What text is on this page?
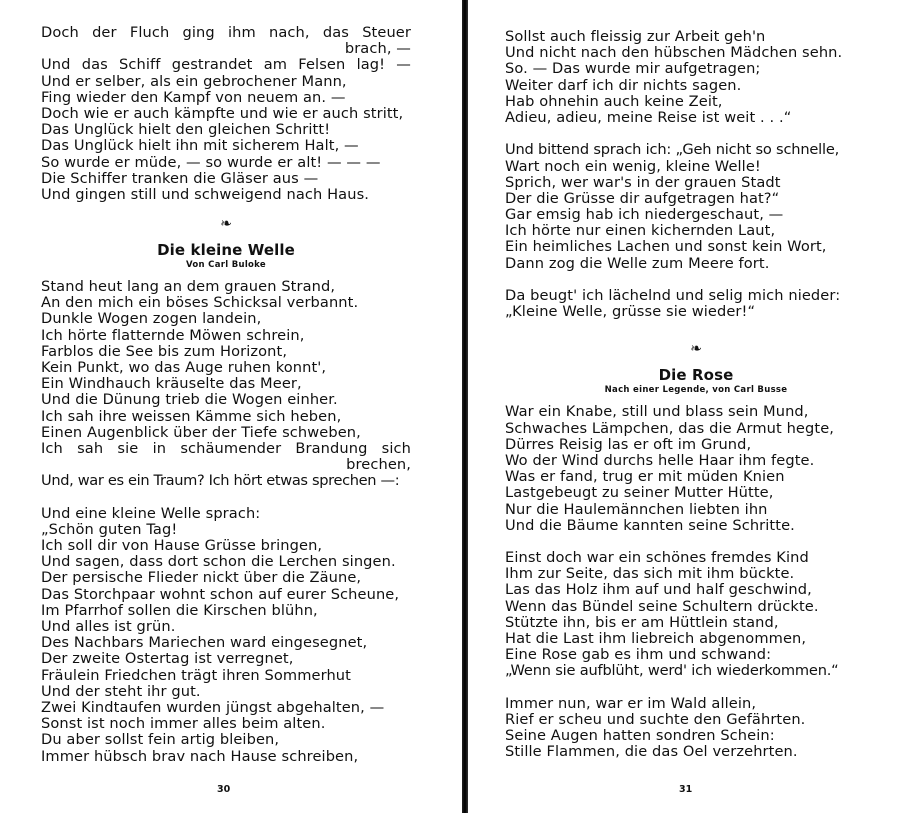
Doch der Fluch ging ihm nach, das Steuer
brach, —
Und das Schiff gestrandet am Felsen lag! —
Und er selber, als ein gebrochener Mann,
Fing wieder den Kampf von neuem an. —
Doch wie er auch kämpfte und wie er auch stritt,
Das Unglück hielt den gleichen Schritt!
Das Unglück hielt ihn mit sicherem Halt, —
So wurde er müde, — so wurde er alt! — — —
Die Schiffer tranken die Gläser aus —
Und gingen still und schweigend nach Haus.
❧
Die kleine Welle
Von Carl Buloke
Stand heut lang an dem grauen Strand,
An den mich ein böses Schicksal verbannt.
Dunkle Wogen zogen landein,
Ich hörte flatternde Möwen schrein,
Farblos die See bis zum Horizont,
Kein Punkt, wo das Auge ruhen konnt',
Ein Windhauch kräuselte das Meer,
Und die Dünung trieb die Wogen einher.
Ich sah ihre weissen Kämme sich heben,
Einen Augenblick über der Tiefe schweben,
Ich sah sie in schäumender Brandung sich
brechen,
Und, war es ein Traum? Ich hört etwas sprechen —:
Und eine kleine Welle sprach:
„Schön guten Tag!
Ich soll dir von Hause Grüsse bringen,
Und sagen, dass dort schon die Lerchen singen.
Der persische Flieder nickt über die Zäune,
Das Storchpaar wohnt schon auf eurer Scheune,
Im Pfarrhof sollen die Kirschen blühn,
Und alles ist grün.
Des Nachbars Mariechen ward eingesegnet,
Der zweite Ostertag ist verregnet,
Fräulein Friedchen trägt ihren Sommerhut
Und der steht ihr gut.
Zwei Kindtaufen wurden jüngst abgehalten, —
Sonst ist noch immer alles beim alten.
Du aber sollst fein artig bleiben,
Immer hübsch brav nach Hause schreiben,
30
Sollst auch fleissig zur Arbeit geh'n
Und nicht nach den hübschen Mädchen sehn.
So. — Das wurde mir aufgetragen;
Weiter darf ich dir nichts sagen.
Hab ohnehin auch keine Zeit,
Adieu, adieu, meine Reise ist weit . . .“
Und bittend sprach ich: „Geh nicht so schnelle,
Wart noch ein wenig, kleine Welle!
Sprich, wer war's in der grauen Stadt
Der die Grüsse dir aufgetragen hat?“
Gar emsig hab ich niedergeschaut, —
Ich hörte nur einen kichernden Laut,
Ein heimliches Lachen und sonst kein Wort,
Dann zog die Welle zum Meere fort.
Da beugt' ich lächelnd und selig mich nieder:
„Kleine Welle, grüsse sie wieder!“
❧
Die Rose
Nach einer Legende, von Carl Busse
War ein Knabe, still und blass sein Mund,
Schwaches Lämpchen, das die Armut hegte,
Dürres Reisig las er oft im Grund,
Wo der Wind durchs helle Haar ihm fegte.
Was er fand, trug er mit müden Knien
Lastgebeugt zu seiner Mutter Hütte,
Nur die Haulemännchen liebten ihn
Und die Bäume kannten seine Schritte.
Einst doch war ein schönes fremdes Kind
Ihm zur Seite, das sich mit ihm bückte.
Las das Holz ihm auf und half geschwind,
Wenn das Bündel seine Schultern drückte.
Stützte ihn, bis er am Hüttlein stand,
Hat die Last ihm liebreich abgenommen,
Eine Rose gab es ihm und schwand:
„Wenn sie aufblüht, werd' ich wiederkommen.“
Immer nun, war er im Wald allein,
Rief er scheu und suchte den Gefährten.
Seine Augen hatten sondren Schein:
Stille Flammen, die das Oel verzehrten.
31
